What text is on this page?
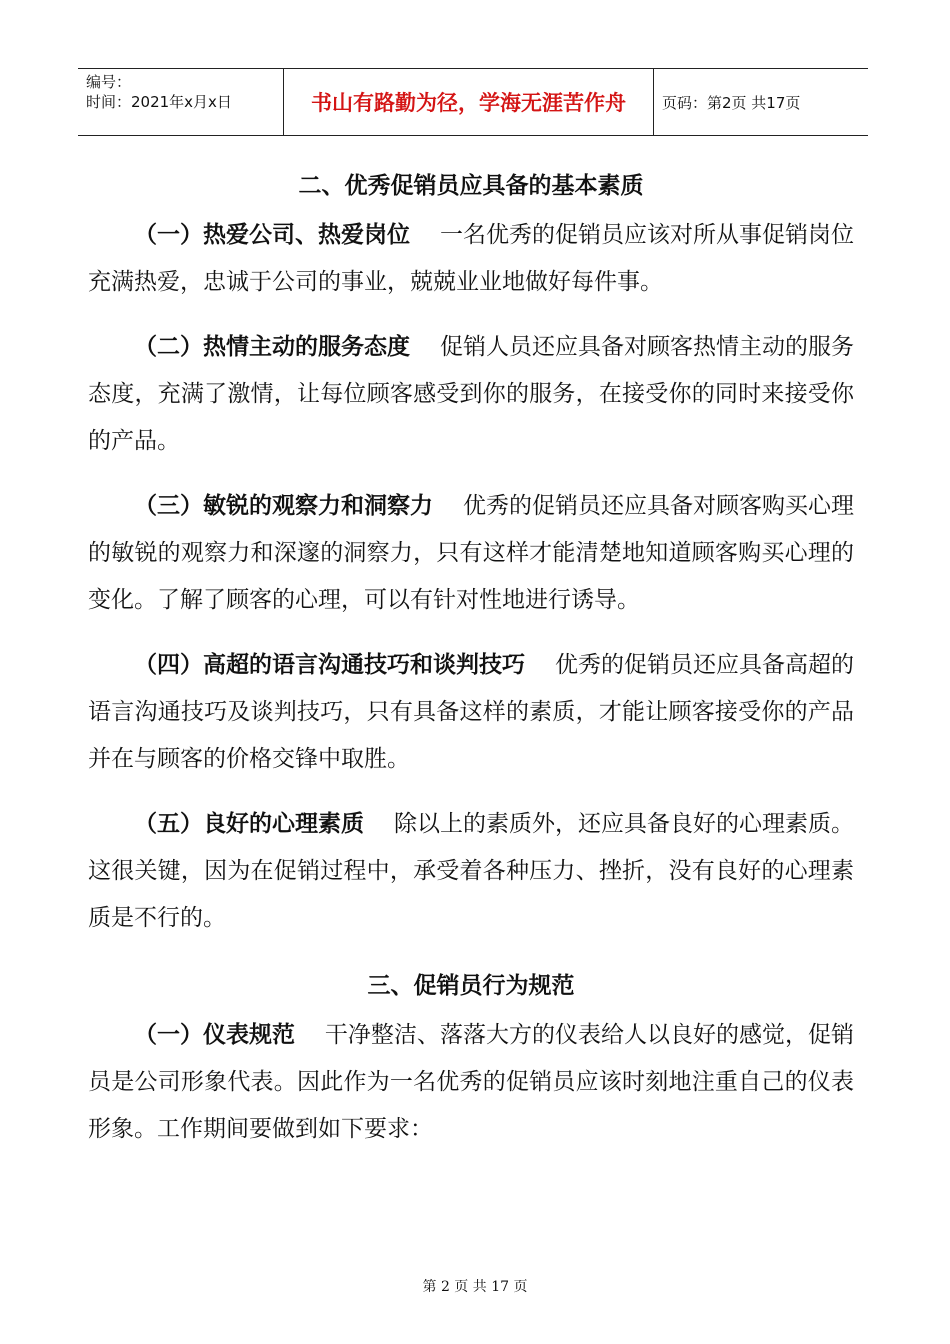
编号：
时间：2021年x月x日	书山有路勤为径，学海无涯苦作舟	页码：第2页 共17页
二、优秀促销员应具备的基本素质

（一）热爱公司、热爱岗位 一名优秀的促销员应该对所从事促销岗位充满热爱，忠诚于公司的事业，兢兢业业地做好每件事。

（二）热情主动的服务态度 促销人员还应具备对顾客热情主动的服务态度，充满了激情，让每位顾客感受到你的服务，在接受你的同时来接受你的产品。

（三）敏锐的观察力和洞察力 优秀的促销员还应具备对顾客购买心理的敏锐的观察力和深邃的洞察力，只有这样才能清楚地知道顾客购买心理的变化。了解了顾客的心理，可以有针对性地进行诱导。

（四）高超的语言沟通技巧和谈判技巧 优秀的促销员还应具备高超的语言沟通技巧及谈判技巧，只有具备这样的素质，才能让顾客接受你的产品并在与顾客的价格交锋中取胜。

（五）良好的心理素质 除以上的素质外，还应具备良好的心理素质。这很关键，因为在促销过程中，承受着各种压力、挫折，没有良好的心理素质是不行的。

三、促销员行为规范

（一）仪表规范 干净整洁、落落大方的仪表给人以良好的感觉，促销员是公司形象代表。因此作为一名优秀的促销员应该时刻地注重自己的仪表形象。工作期间要做到如下要求：

第 2 页 共 17 页
